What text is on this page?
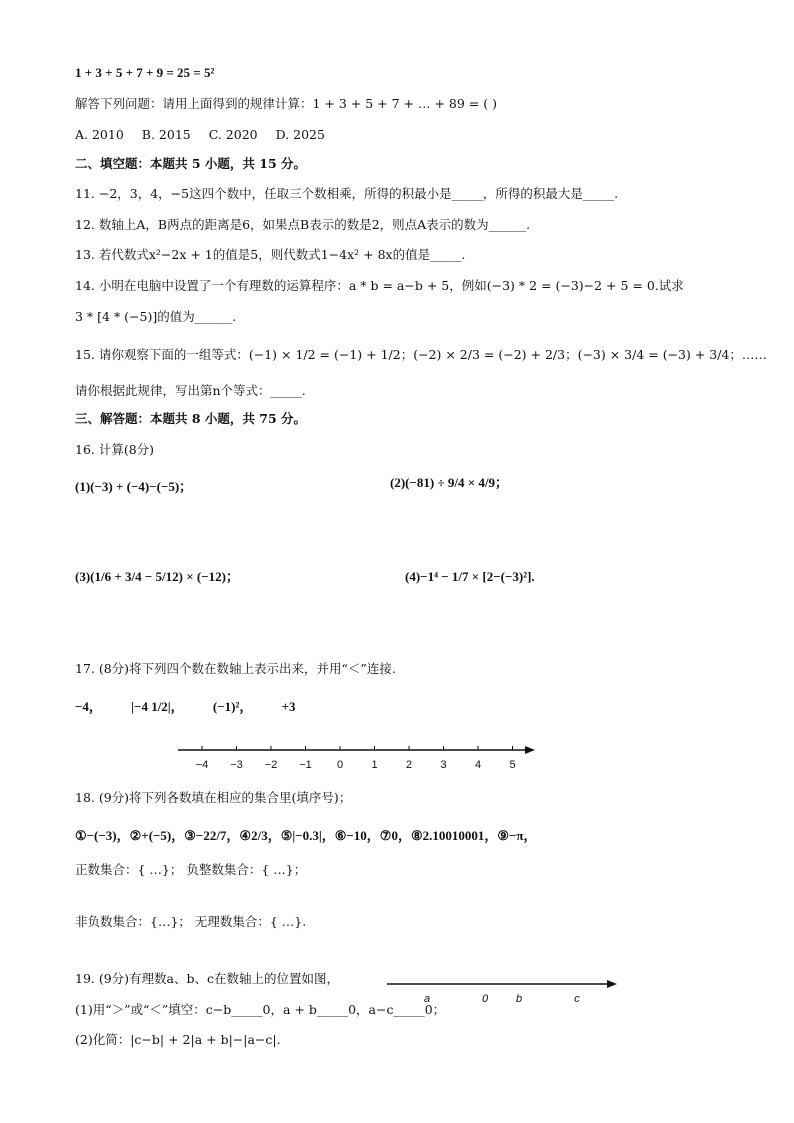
1 + 3 + 5 + 7 + 9 = 25 = 5²
解答下列问题：请用上面得到的规律计算：1 + 3 + 5 + 7 + … + 89 = ( )
A. 2010 B. 2015 C. 2020 D. 2025
二、填空题：本题共 5 小题，共 15 分。
11. −2，3，4，−5这四个数中，任取三个数相乘，所得的积最小是_____，所得的积最大是_____.
12. 数轴上A，B两点的距离是6，如果点B表示的数是2，则点A表示的数为______.
13. 若代数式x²−2x + 1的值是5，则代数式1−4x² + 8x的值是_____.
14. 小明在电脑中设置了一个有理数的运算程序：a * b = a−b + 5，例如(−3) * 2 = (−3)−2 + 5 = 0.试求
3 * [4 * (−5)]的值为______.
15. 请你观察下面的一组等式：(−1) × 1/2 = (−1) + 1/2；(−2) × 2/3 = (−2) + 2/3；(−3) × 3/4 = (−3) + 3/4；……
请你根据此规律，写出第n个等式：_____.
三、解答题：本题共 8 小题，共 75 分。
16. 计算(8分)
(1)(−3) + (−4)−(−5)；	(2)(−81) ÷ 9/4 × 4/9；
(3)(1/6 + 3/4 − 5/12) × (−12)；	(4)−1⁴ − 1/7 × [2−(−3)²].
17. (8分)将下列四个数在数轴上表示出来，并用“＜”连接.
−4， |−4 1/2|， (−1)²， +3
−4 −3 −2 −1 0	1	2	3	4	5
18. (9分)将下列各数填在相应的集合里(填序号)；
①−(−3)，②+(−5)，③−22/7，④2/3，⑤|−0.3|，⑥−10，⑦0，⑧2.10010001，⑨−π，
正数集合：{ …}； 负整数集合：{ …}；
非负数集合：{…}； 无理数集合：{ …}.
19. (9分)有理数a、b、c在数轴上的位置如图，
(1)用“＞”或“＜”填空：c−b_____0，a + b_____0，a−c_____0；
(2)化简：|c−b| + 2|a + b|−|a−c|.
a	0	b	c
